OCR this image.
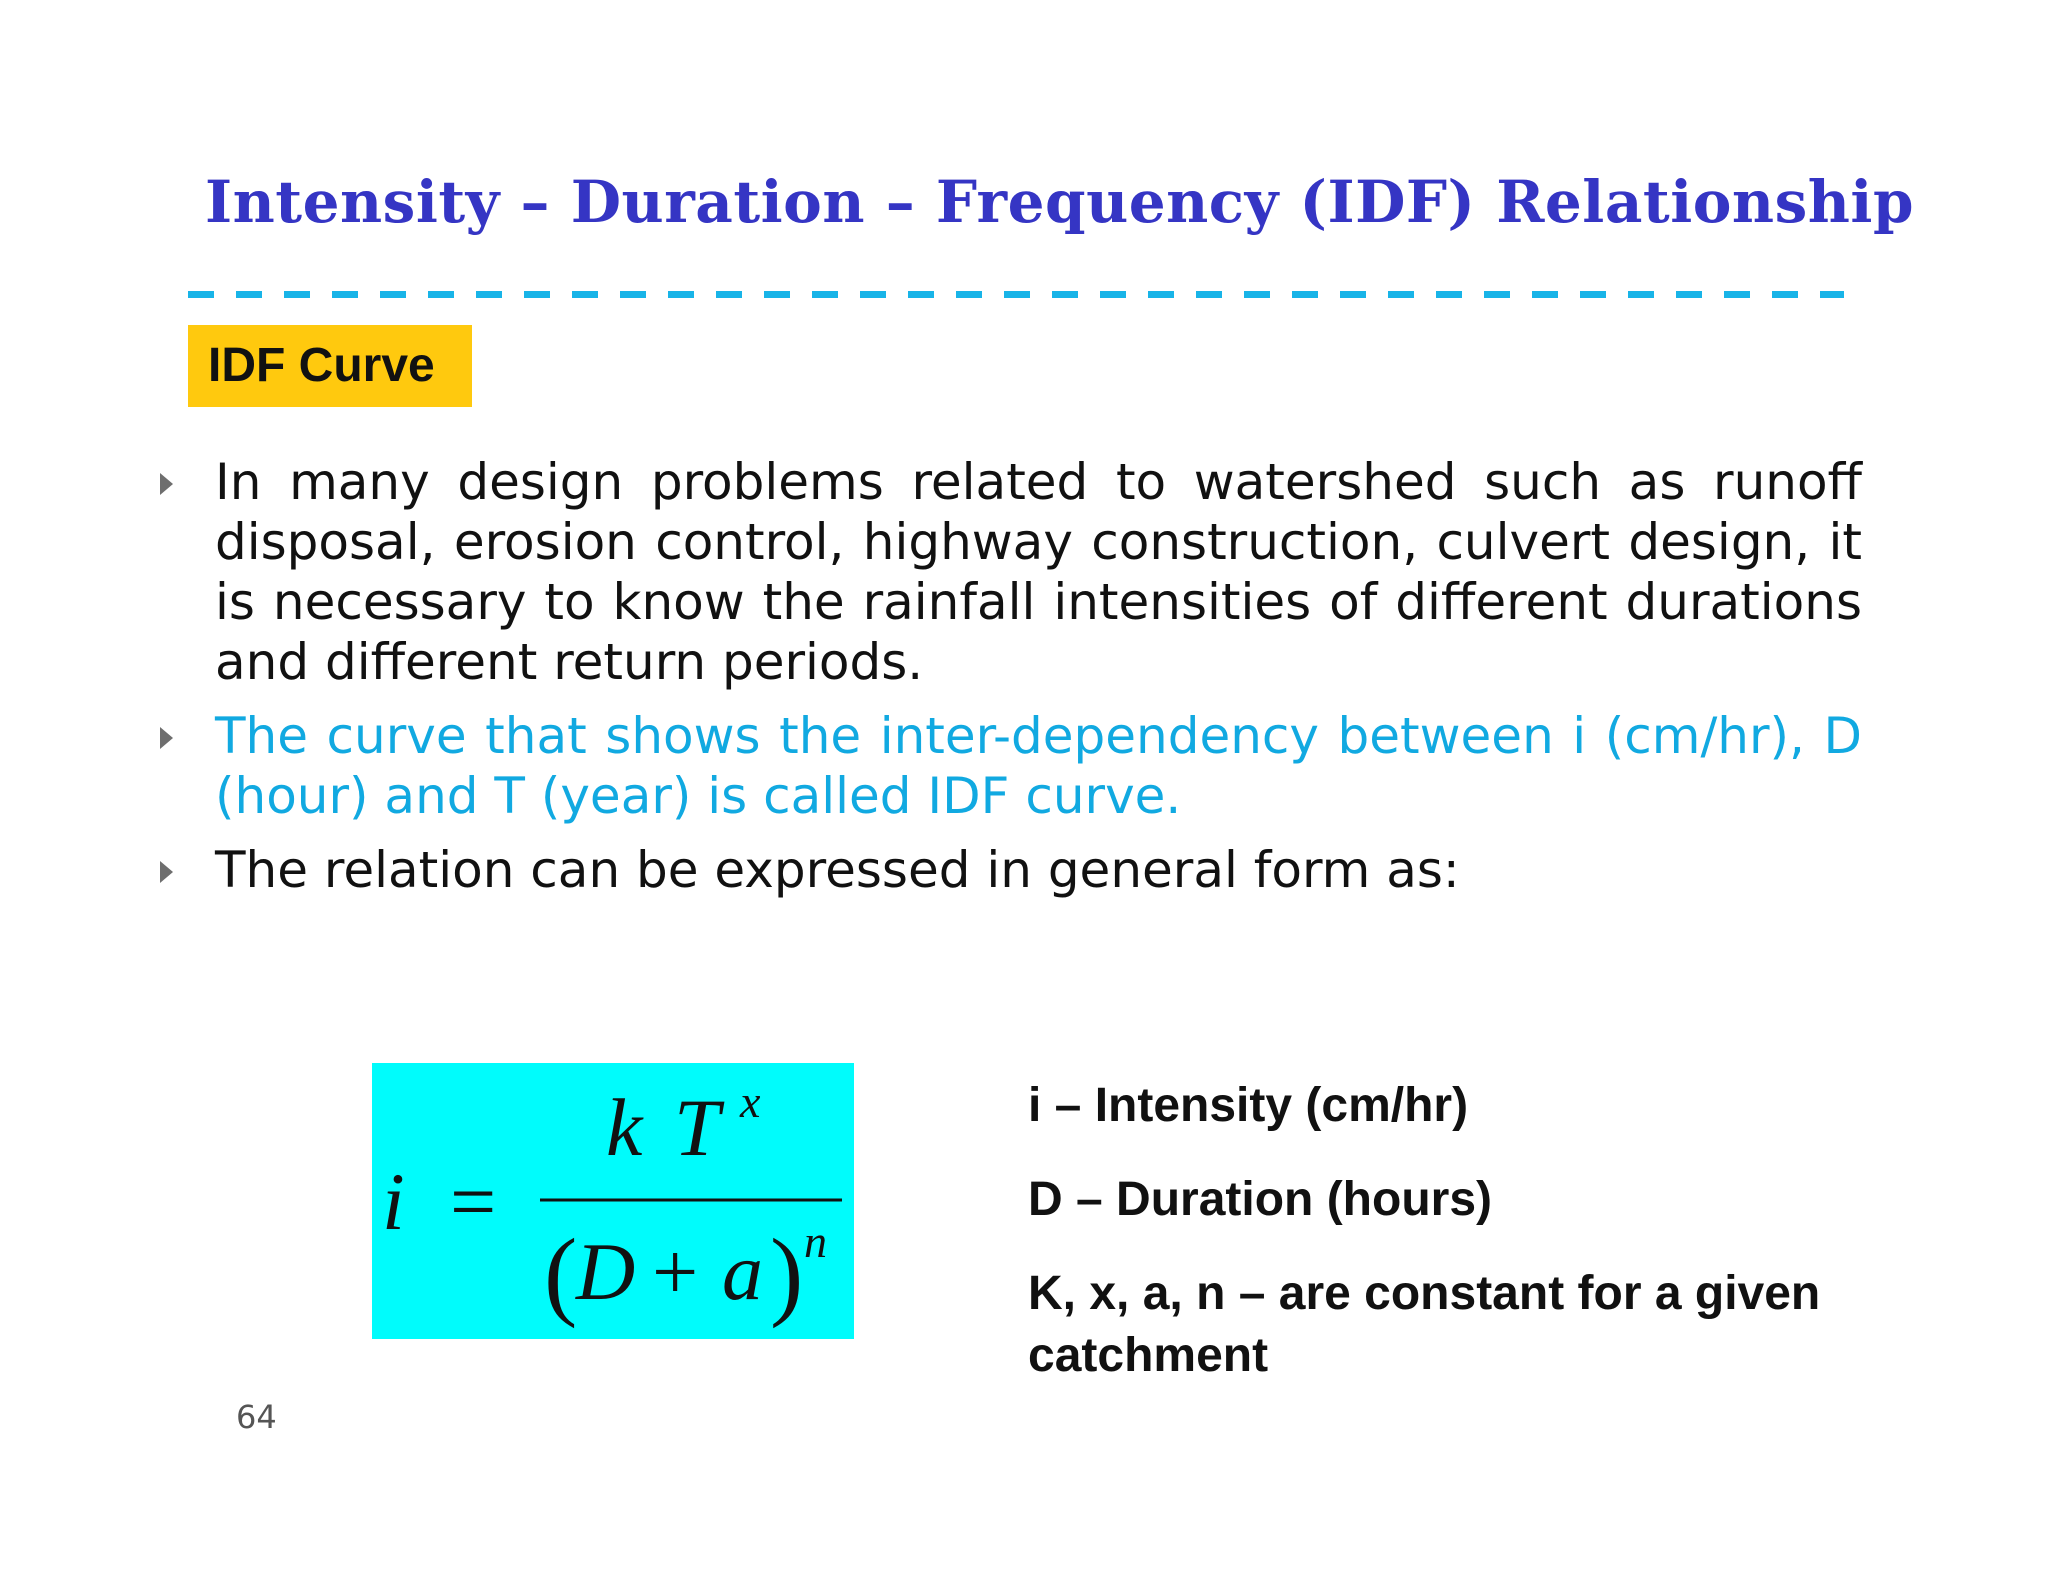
Intensity – Duration – Frequency (IDF) Relationship
IDF Curve
In many design problems related to watershed such as runoff disposal, erosion control, highway construction, culvert design, it is necessary to know the rainfall intensities of different durations and different return periods.
The curve that shows the inter-dependency between i (cm/hr), D (hour) and T (year) is called IDF curve.
The relation can be expressed in general form as:
i =
k T x
(
D + a ) n

i – Intensity (cm/hr)

D – Duration (hours)

K, x, a, n – are constant for a given catchment

64
